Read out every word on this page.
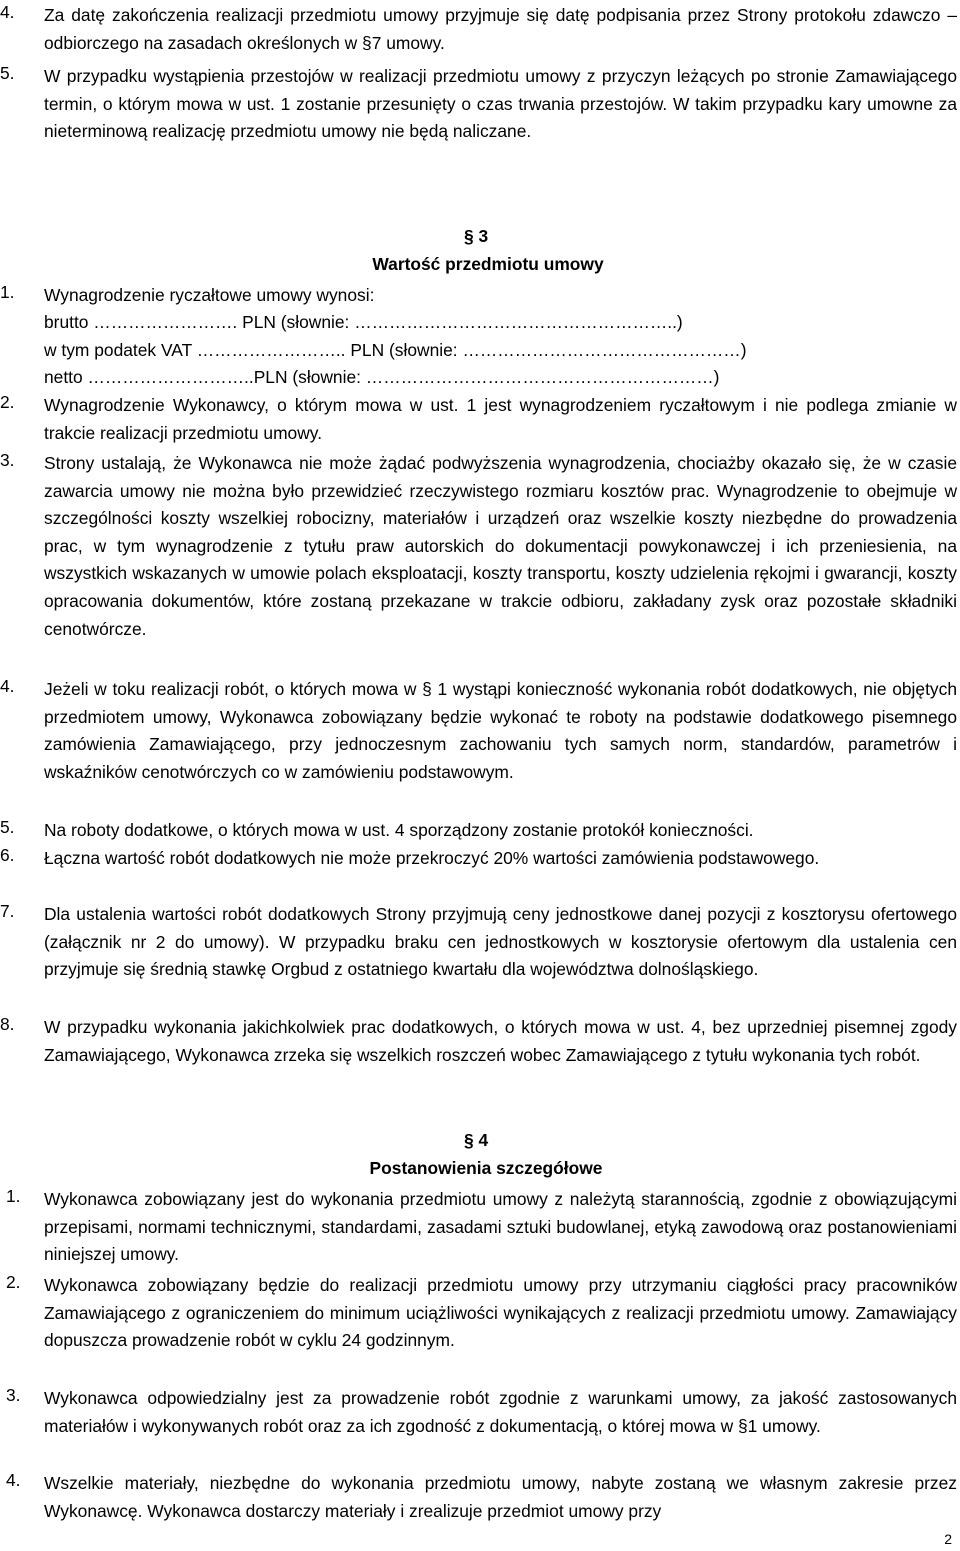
4.	Za datę zakończenia realizacji przedmiotu umowy przyjmuje się datę podpisania przez Strony protokołu zdawczo – odbiorczego na zasadach określonych w §7 umowy.
5.	W przypadku wystąpienia przestojów w realizacji przedmiotu umowy z przyczyn leżących po stronie Zamawiającego termin, o którym mowa w ust. 1 zostanie przesunięty o czas trwania przestojów. W takim przypadku kary umowne za nieterminową realizację przedmiotu umowy nie będą naliczane.
§ 3
Wartość przedmiotu umowy
1.	Wynagrodzenie ryczałtowe umowy wynosi:
brutto ……………………. PLN (słownie: ………………………………………………..)
w tym podatek VAT …………………….. PLN (słownie: …………………………………………)
netto ………………………..PLN (słownie: ……………………………………………………)
2.	Wynagrodzenie Wykonawcy, o którym mowa w ust. 1 jest wynagrodzeniem ryczałtowym i nie podlega zmianie w trakcie realizacji przedmiotu umowy.
3.	Strony ustalają, że Wykonawca nie może żądać podwyższenia wynagrodzenia, chociażby okazało się, że w czasie zawarcia umowy nie można było przewidzieć rzeczywistego rozmiaru kosztów prac. Wynagrodzenie to obejmuje w szczególności koszty wszelkiej robocizny, materiałów i urządzeń oraz wszelkie koszty niezbędne do prowadzenia prac, w tym wynagrodzenie z tytułu praw autorskich do dokumentacji powykonawczej i ich przeniesienia, na wszystkich wskazanych w umowie polach eksploatacji, koszty transportu, koszty udzielenia rękojmi i gwarancji, koszty opracowania dokumentów, które zostaną przekazane w trakcie odbioru, zakładany zysk oraz pozostałe składniki cenotwórcze.
4.	Jeżeli w toku realizacji robót, o których mowa w § 1 wystąpi konieczność wykonania robót dodatkowych, nie objętych przedmiotem umowy, Wykonawca zobowiązany będzie wykonać te roboty na podstawie dodatkowego pisemnego zamówienia Zamawiającego, przy jednoczesnym zachowaniu tych samych norm, standardów, parametrów i wskaźników cenotwórczych co w zamówieniu podstawowym.
5.	Na roboty dodatkowe, o których mowa w ust. 4 sporządzony zostanie protokół konieczności.
6.	Łączna wartość robót dodatkowych nie może przekroczyć 20% wartości zamówienia podstawowego.
7.	Dla ustalenia wartości robót dodatkowych Strony przyjmują ceny jednostkowe danej pozycji z kosztorysu ofertowego (załącznik nr 2 do umowy). W przypadku braku cen jednostkowych w kosztorysie ofertowym dla ustalenia cen przyjmuje się średnią stawkę Orgbud z ostatniego kwartału dla województwa dolnośląskiego.
8.	W przypadku wykonania jakichkolwiek prac dodatkowych, o których mowa w ust. 4, bez uprzedniej pisemnej zgody Zamawiającego, Wykonawca zrzeka się wszelkich roszczeń wobec Zamawiającego z tytułu wykonania tych robót.
§ 4
Postanowienia szczegółowe
1.	Wykonawca zobowiązany jest do wykonania przedmiotu umowy z należytą starannością, zgodnie z obowiązującymi przepisami, normami technicznymi, standardami, zasadami sztuki budowlanej, etyką zawodową oraz postanowieniami niniejszej umowy.
2.	Wykonawca zobowiązany będzie do realizacji przedmiotu umowy przy utrzymaniu ciągłości pracy pracowników Zamawiającego z ograniczeniem do minimum uciążliwości wynikających z realizacji przedmiotu umowy. Zamawiający dopuszcza prowadzenie robót w cyklu 24 godzinnym.
3.	Wykonawca odpowiedzialny jest za prowadzenie robót zgodnie z warunkami umowy, za jakość zastosowanych materiałów i wykonywanych robót oraz za ich zgodność z dokumentacją, o której mowa w §1 umowy.
4.	Wszelkie materiały, niezbędne do wykonania przedmiotu umowy, nabyte zostaną we własnym zakresie przez Wykonawcę. Wykonawca dostarczy materiały i zrealizuje przedmiot umowy przy
2
